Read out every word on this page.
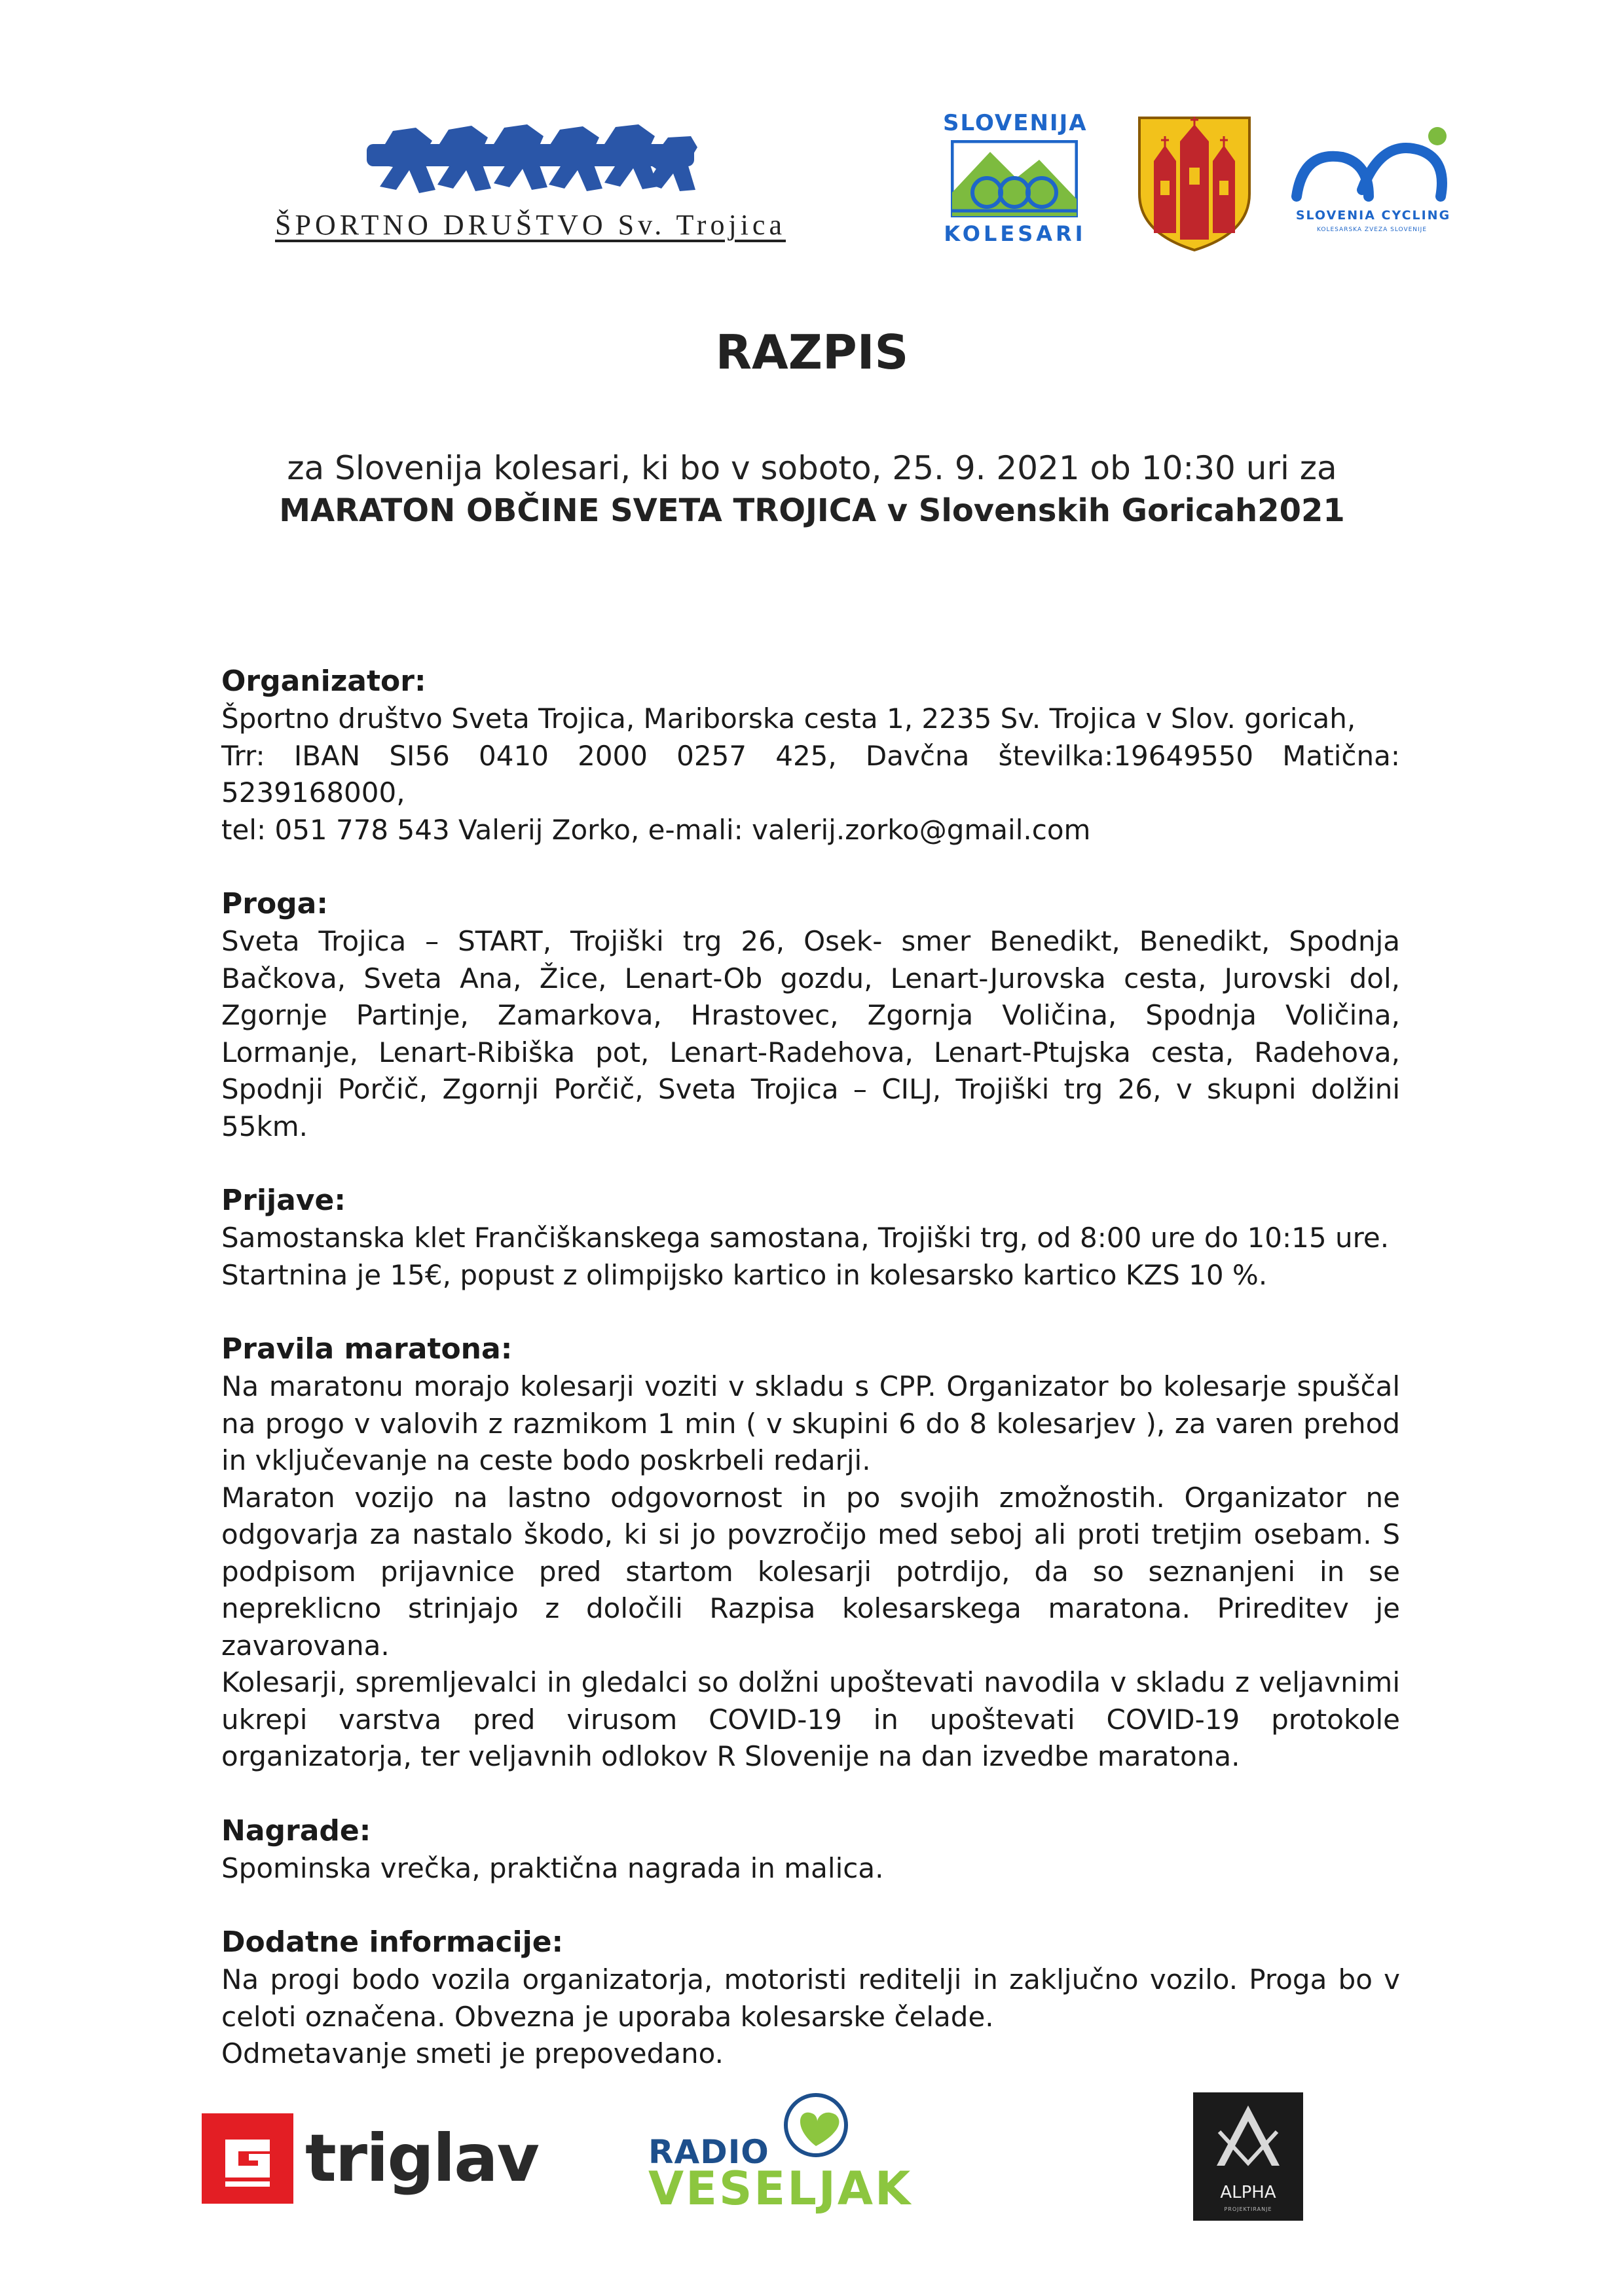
ŠPORTNO DRUŠTVO Sv. Trojica
SLOVENIJA
KOLESARI
SLOVENIA CYCLING
KOLESARSKA ZVEZA SLOVENIJE
RAZPIS
za Slovenija kolesari, ki bo v soboto, 25. 9. 2021 ob 10:30 uri za
MARATON OBČINE SVETA TROJICA v Slovenskih Goricah2021
Organizator:

Športno društvo Sveta Trojica, Mariborska cesta 1, 2235 Sv. Trojica v Slov. goricah,

Trr: IBAN SI56 0410 2000 0257 425, Davčna številka:19649550 Matična: 5239168000,

tel: 051 778 543 Valerij Zorko, e-mali: valerij.zorko@gmail.com

Proga:

Sveta Trojica – START, Trojiški trg 26, Osek- smer Benedikt, Benedikt, Spodnja Bačkova, Sveta Ana, Žice, Lenart-Ob gozdu, Lenart-Jurovska cesta, Jurovski dol, Zgornje Partinje, Zamarkova, Hrastovec, Zgornja Voličina, Spodnja Voličina, Lormanje, Lenart-Ribiška pot, Lenart-Radehova, Lenart-Ptujska cesta, Radehova, Spodnji Porčič, Zgornji Porčič, Sveta Trojica – CILJ, Trojiški trg 26, v skupni dolžini 55km.

Prijave:

Samostanska klet Frančiškanskega samostana, Trojiški trg, od 8:00 ure do 10:15 ure.

Startnina je 15€, popust z olimpijsko kartico in kolesarsko kartico KZS 10 %.

Pravila maratona:

Na maratonu morajo kolesarji voziti v skladu s CPP. Organizator bo kolesarje spuščal na progo v valovih z razmikom 1 min ( v skupini 6 do 8 kolesarjev ), za varen prehod in vključevanje na ceste bodo poskrbeli redarji.

Maraton vozijo na lastno odgovornost in po svojih zmožnostih. Organizator ne odgovarja za nastalo škodo, ki si jo povzročijo med seboj ali proti tretjim osebam. S podpisom prijavnice pred startom kolesarji potrdijo, da so seznanjeni in se nepreklicno strinjajo z določili Razpisa kolesarskega maratona. Prireditev je zavarovana.

Kolesarji, spremljevalci in gledalci so dolžni upoštevati navodila v skladu z veljavnimi ukrepi varstva pred virusom COVID-19 in upoštevati COVID-19 protokole organizatorja, ter veljavnih odlokov R Slovenije na dan izvedbe maratona.

Nagrade:

Spominska vrečka, praktična nagrada in malica.

Dodatne informacije:

Na progi bodo vozila organizatorja, motoristi reditelji in zaključno vozilo. Proga bo v celoti označena. Obvezna je uporaba kolesarske čelade.

Odmetavanje smeti je prepovedano.

triglav	RADIO
VESELJAK	ALPHA
PROJEKTIRANJE
